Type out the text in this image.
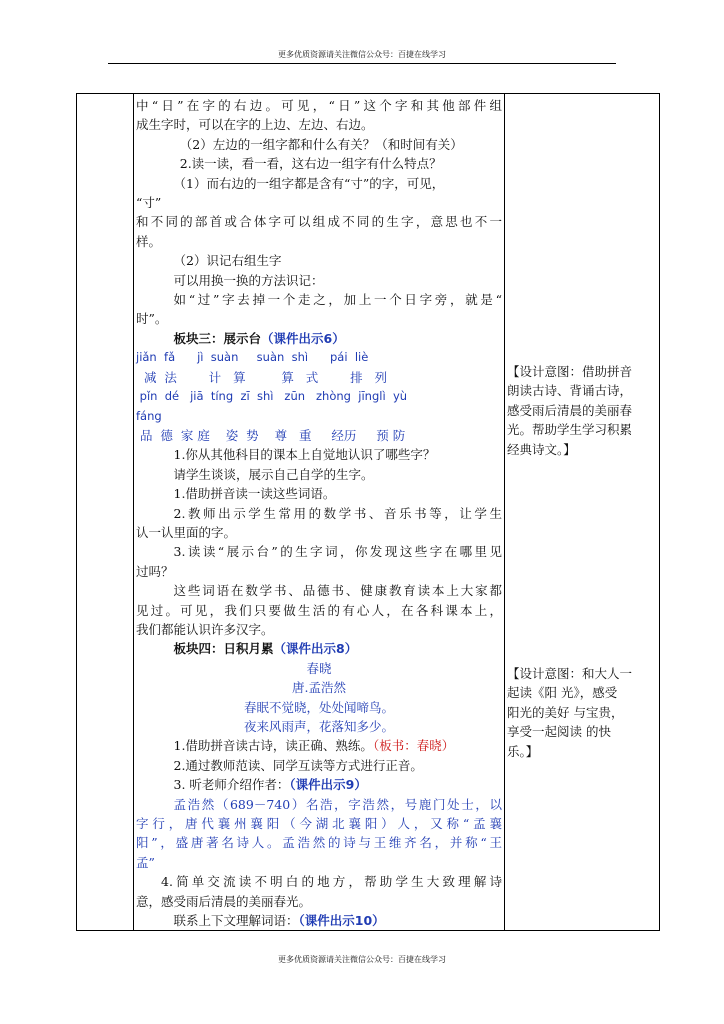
更多优质资源请关注微信公众号：百捷在线学习

中“日”在字的右边。可见，“日”这个字和其他部件组

成生字时，可以在字的上边、左边、右边。

（2）左边的一组字都和什么有关？（和时间有关）

2.读一读，看一看，这右边一组字有什么特点？

（1）而右边的一组字都是含有“寸”的字，可见，

“寸”

和不同的部首或合体字可以组成不同的生字，意思也不一

样。

（2）识记右组生字

可以用换一换的方法识记：

如“过”字去掉一个走之，加上一个日字旁，就是“

时”。

板块三：展示台（课件出示6）

jiǎn  fǎ      jì  suàn     suàn  shì      pái  liè

减  法        计   算         算   式        排   列

pǐn  dé   jiā  tíng  zī  shì   zūn   zhòng  jīnglì  yù

fáng

品  德  家 庭    姿  势    尊   重     经历     预 防

1.你从其他科目的课本上自觉地认识了哪些字？

请学生谈谈，展示自己自学的生字。

1.借助拼音读一读这些词语。

2.教师出示学生常用的数学书、音乐书等，让学生

认一认里面的字。

3.读读“展示台”的生字词，你发现这些字在哪里见

过吗？

这些词语在数学书、品德书、健康教育读本上大家都

见过。可见，我们只要做生活的有心人，在各科课本上，

我们都能认识许多汉字。

板块四：日积月累（课件出示8）

春晓

唐.孟浩然

春眠不觉晓，处处闻啼鸟。

夜来风雨声，花落知多少。

1.借助拼音读古诗，读正确、熟练。（板书：春晓）

2.通过教师范读、同学互读等方式进行正音。

3. 听老师介绍作者：（课件出示9）

孟浩然（689－740）名浩，字浩然，号鹿门处士，以

字行，唐代襄州襄阳（今湖北襄阳）人，又称“孟襄

阳”，盛唐著名诗人。孟浩然的诗与王维齐名，并称“王

孟”

4.简单交流读不明白的地方，帮助学生大致理解诗

意，感受雨后清晨的美丽春光。

联系上下文理解词语：（课件出示10）

【设计意图：借助拼音
朗读古诗、背诵古诗，
感受雨后清晨的美丽春
光。帮助学生学习积累
经典诗文。】
【设计意图：和大人一
起读《阳 光》，感受
阳光的美好 与宝贵，
享受一起阅读 的快
乐。】
更多优质资源请关注微信公众号：百捷在线学习
